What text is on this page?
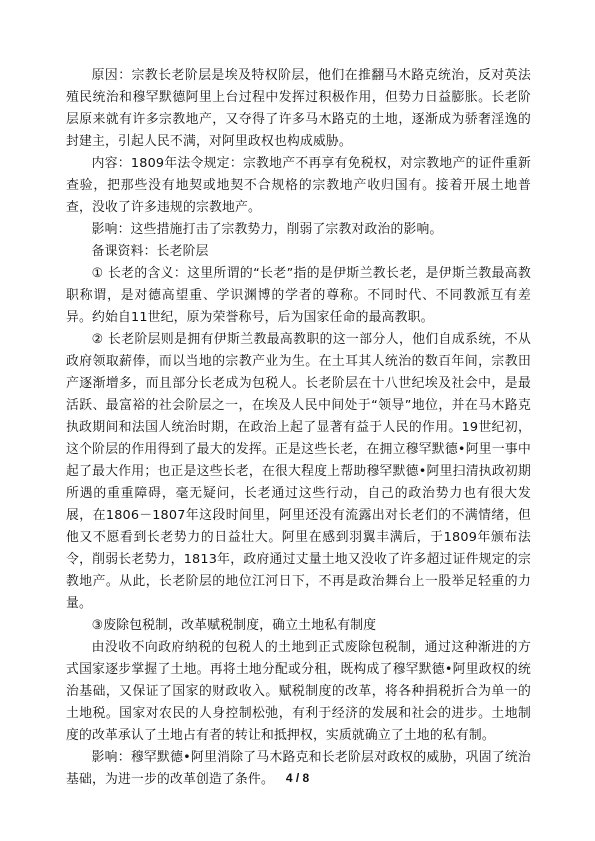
原因：宗教长老阶层是埃及特权阶层，他们在推翻马木路克统治，反对英法殖民统治和穆罕默德阿里上台过程中发挥过积极作用，但势力日益膨胀。长老阶层原来就有许多宗教地产，又夺得了许多马木路克的土地，逐渐成为骄奢淫逸的封建主，引起人民不满，对阿里政权也构成威胁。

内容：1809年法令规定：宗教地产不再享有免税权，对宗教地产的证件重新查验，把那些没有地契或地契不合规格的宗教地产收归国有。接着开展土地普查，没收了许多违规的宗教地产。

影响：这些措施打击了宗教势力，削弱了宗教对政治的影响。

备课资料：长老阶层

① 长老的含义：这里所谓的“长老”指的是伊斯兰教长老，是伊斯兰教最高教职称谓，是对德高望重、学识渊博的学者的尊称。不同时代、不同教派互有差异。约始自11世纪，原为荣誉称号，后为国家任命的最高教职。

② 长老阶层则是拥有伊斯兰教最高教职的这一部分人，他们自成系统，不从政府领取薪俸，而以当地的宗教产业为生。在土耳其人统治的数百年间，宗教田产逐渐增多，而且部分长老成为包税人。长老阶层在十八世纪埃及社会中，是最活跃、最富裕的社会阶层之一，在埃及人民中间处于“领导”地位，并在马木路克执政期间和法国人统治时期，在政治上起了显著有益于人民的作用。19世纪初，这个阶层的作用得到了最大的发挥。正是这些长老，在拥立穆罕默德•阿里一事中起了最大作用；也正是这些长老，在很大程度上帮助穆罕默德•阿里扫清执政初期所遇的重重障碍，毫无疑问，长老通过这些行动，自己的政治势力也有很大发展，在1806－1807年这段时间里，阿里还没有流露出对长老们的不满情绪，但他又不愿看到长老势力的日益壮大。阿里在感到羽翼丰满后，于1809年颁布法令，削弱长老势力，1813年，政府通过丈量土地又没收了许多超过证件规定的宗教地产。从此，长老阶层的地位江河日下，不再是政治舞台上一股举足轻重的力量。

③废除包税制，改革赋税制度，确立土地私有制度

由没收不向政府纳税的包税人的土地到正式废除包税制，通过这种渐进的方式国家逐步掌握了土地。再将土地分配或分租，既构成了穆罕默德•阿里政权的统治基础，又保证了国家的财政收入。赋税制度的改革，将各种捐税折合为单一的土地税。国家对农民的人身控制松弛，有利于经济的发展和社会的进步。土地制度的改革承认了土地占有者的转让和抵押权，实质就确立了土地的私有制。

影响：穆罕默德•阿里消除了马木路克和长老阶层对政权的威胁，巩固了统治基础，为进一步的改革创造了条件。 4 / 8
